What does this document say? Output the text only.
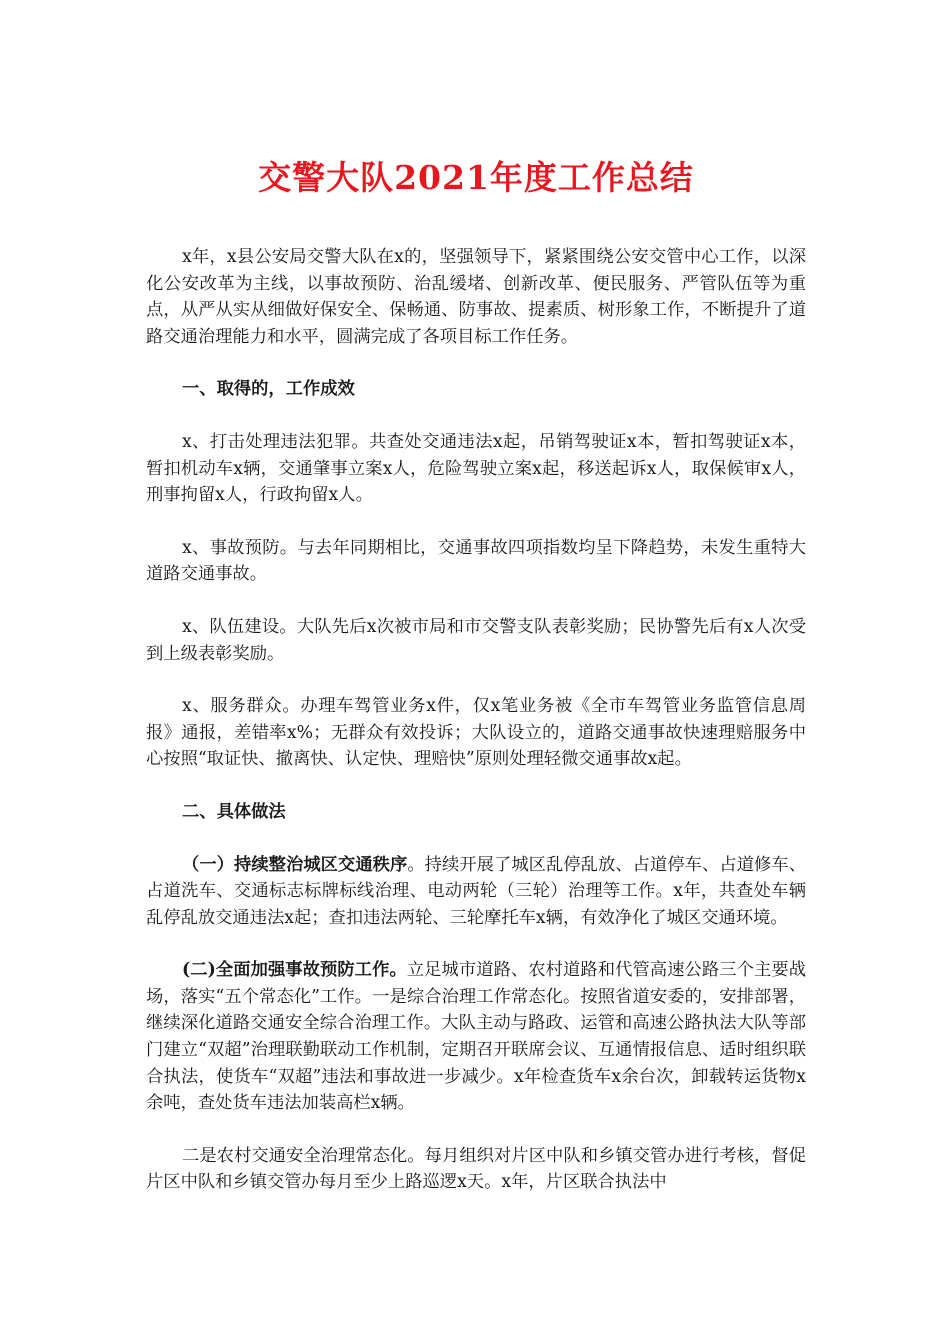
交警大队2021年度工作总结

x年，x县公安局交警大队在x的，坚强领导下，紧紧围绕公安交管中心工作，以深化公安改革为主线，以事故预防、治乱缓堵、创新改革、便民服务、严管队伍等为重点，从严从实从细做好保安全、保畅通、防事故、提素质、树形象工作，不断提升了道路交通治理能力和水平，圆满完成了各项目标工作任务。

一、取得的，工作成效

x、打击处理违法犯罪。共查处交通违法x起，吊销驾驶证x本，暂扣驾驶证x本，暂扣机动车x辆，交通肇事立案x人，危险驾驶立案x起，移送起诉x人，取保候审x人，刑事拘留x人，行政拘留x人。

x、事故预防。与去年同期相比，交通事故四项指数均呈下降趋势，未发生重特大道路交通事故。

x、队伍建设。大队先后x次被市局和市交警支队表彰奖励；民协警先后有x人次受到上级表彰奖励。

x、服务群众。办理车驾管业务x件，仅x笔业务被《全市车驾管业务监管信息周报》通报，差错率x%；无群众有效投诉；大队设立的，道路交通事故快速理赔服务中心按照“取证快、撤离快、认定快、理赔快”原则处理轻微交通事故x起。

二、具体做法

（一）持续整治城区交通秩序。持续开展了城区乱停乱放、占道停车、占道修车、占道洗车、交通标志标牌标线治理、电动两轮（三轮）治理等工作。x年，共查处车辆乱停乱放交通违法x起；查扣违法两轮、三轮摩托车x辆，有效净化了城区交通环境。

(二)全面加强事故预防工作。立足城市道路、农村道路和代管高速公路三个主要战场，落实“五个常态化”工作。一是综合治理工作常态化。按照省道安委的，安排部署，继续深化道路交通安全综合治理工作。大队主动与路政、运管和高速公路执法大队等部门建立“双超”治理联勤联动工作机制，定期召开联席会议、互通情报信息、适时组织联合执法，使货车“双超”违法和事故进一步减少。x年检查货车x余台次，卸载转运货物x余吨，查处货车违法加装高栏x辆。

二是农村交通安全治理常态化。每月组织对片区中队和乡镇交管办进行考核，督促片区中队和乡镇交管办每月至少上路巡逻x天。x年，片区联合执法中
